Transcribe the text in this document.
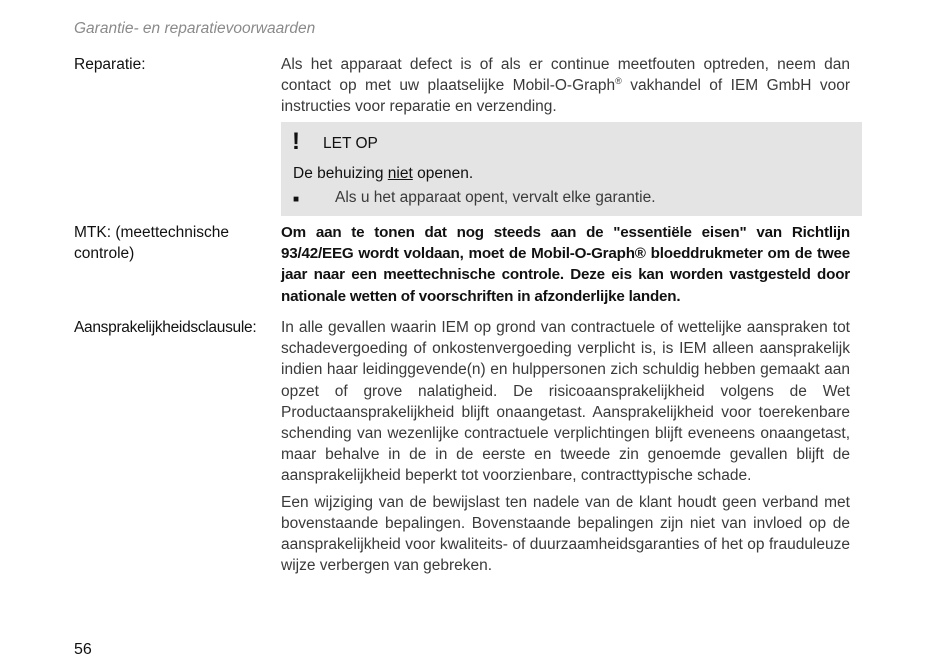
Garantie- en reparatievoorwaarden
Reparatie:	Als het apparaat defect is of als er continue meetfouten optreden, neem dan contact op met uw plaatselijke Mobil-O-Graph® vakhandel of IEM GmbH voor instructies voor reparatie en verzending.

! LET OP
De behuizing niet openen.
■ Als u het apparaat opent, vervalt elke garantie.
MTK: (meettechnische controle)

Om aan te tonen dat nog steeds aan de "essentiële eisen" van Richtlijn 93/42/EEG wordt voldaan, moet de Mobil-O-Graph® bloeddrukmeter om de twee jaar naar een meettechnische controle. Deze eis kan worden vastgesteld door nationale wetten of voorschriften in afzonderlijke landen.

Aansprakelijkheidsclausule:	In alle gevallen waarin IEM op grond van contractuele of wettelijke aanspraken tot schadevergoeding of onkostenvergoeding verplicht is, is IEM alleen aansprakelijk indien haar leidinggevende(n) en hulppersonen zich schuldig hebben gemaakt aan opzet of grove nalatigheid. De risicoaansprakelijkheid volgens de Wet Productaansprakelijkheid blijft onaangetast. Aansprakelijkheid voor toerekenbare schending van wezenlijke contractuele verplichtingen blijft eveneens onaangetast, maar behalve in de in de eerste en tweede zin genoemde gevallen blijft de aansprakelijkheid beperkt tot voorzienbare, contracttypische schade.

Een wijziging van de bewijslast ten nadele van de klant houdt geen verband met bovenstaande bepalingen. Bovenstaande bepalingen zijn niet van invloed op de aansprakelijkheid voor kwaliteits- of duurzaamheidsgaranties of het op frauduleuze wijze verbergen van gebreken.

56
